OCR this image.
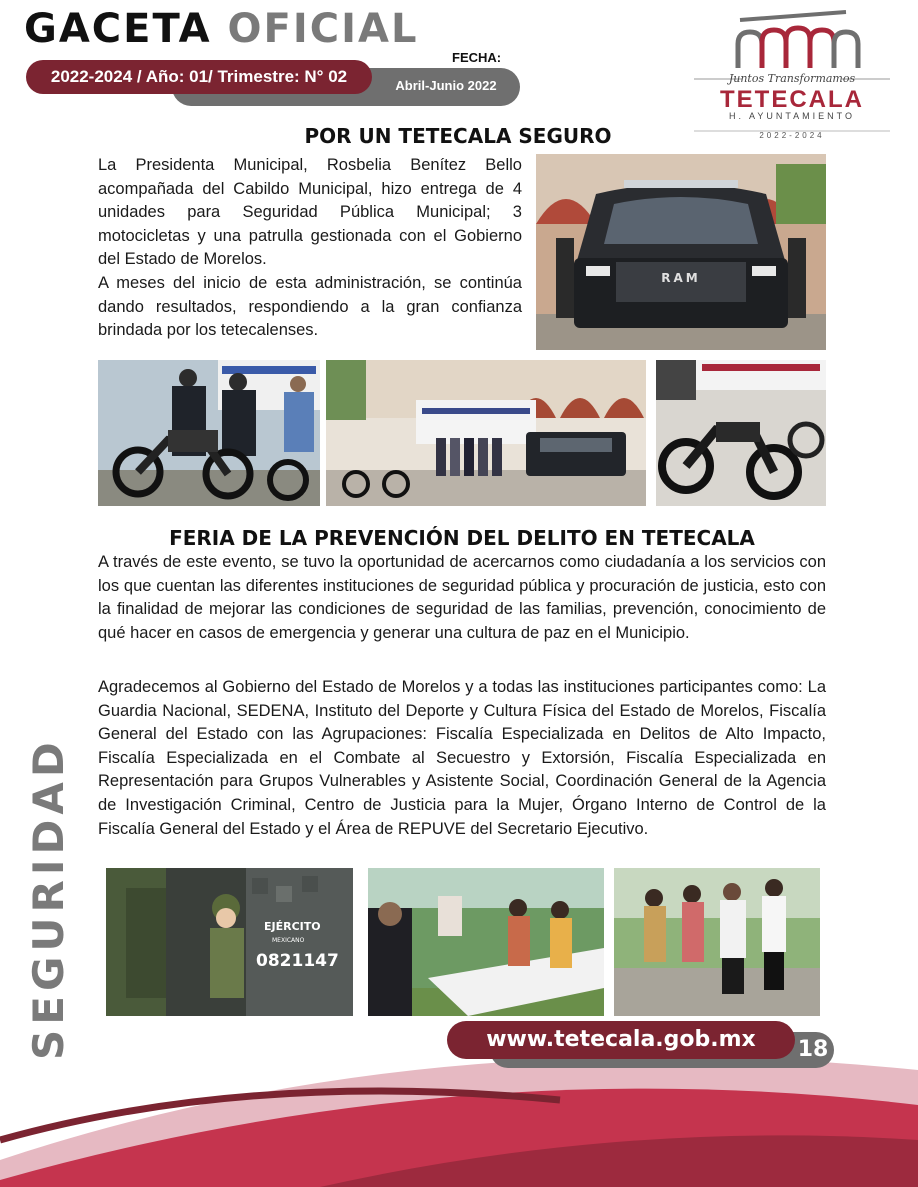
GACETA OFICIAL
2022-2024 / Año: 01/ Trimestre: N° 02
FECHA:
Abril-Junio 2022	Juntos Transformamos
TETECALA
H. AYUNTAMIENTO
2022-2024
POR UN TETECALA SEGURO
La Presidenta Municipal, Rosbelia Benítez Bello acompañada del Cabildo Municipal, hizo entrega de 4 unidades para Seguridad Pública Municipal; 3 motocicletas y una patrulla gestionada con el Gobierno del Estado de Morelos.
A meses del inicio de esta administración, se continúa dando resultados, respondiendo a la gran confianza brindada por los tetecalenses.
RAM
FERIA DE LA PREVENCIÓN DEL DELITO EN TETECALA
A través de este evento, se tuvo la oportunidad de acercarnos como ciudadanía a los servicios con los que cuentan las diferentes instituciones de seguridad pública y procuración de justicia, esto con la finalidad de mejorar las condiciones de seguridad de las familias, prevención, conocimiento de qué hacer en casos de emergencia y generar una cultura de paz en el Municipio.
Agradecemos al Gobierno del Estado de Morelos y a todas las instituciones participantes como: La Guardia Nacional, SEDENA, Instituto del Deporte y Cultura Física del Estado de Morelos, Fiscalía General del Estado con las Agrupaciones: Fiscalía Especializada en Delitos de Alto Impacto, Fiscalía Especializada en el Combate al Secuestro y Extorsión, Fiscalía Especializada en Representación para Grupos Vulnerables y Asistente Social, Coordinación General de la Agencia de Investigación Criminal, Centro de Justicia para la Mujer, Órgano Interno de Control de la Fiscalía General del Estado y el Área de REPUVE del Secretario Ejecutivo.
EJÉRCITO
MEXICANO
0821147
www.tetecala.gob.mx	18
SEGURIDAD
